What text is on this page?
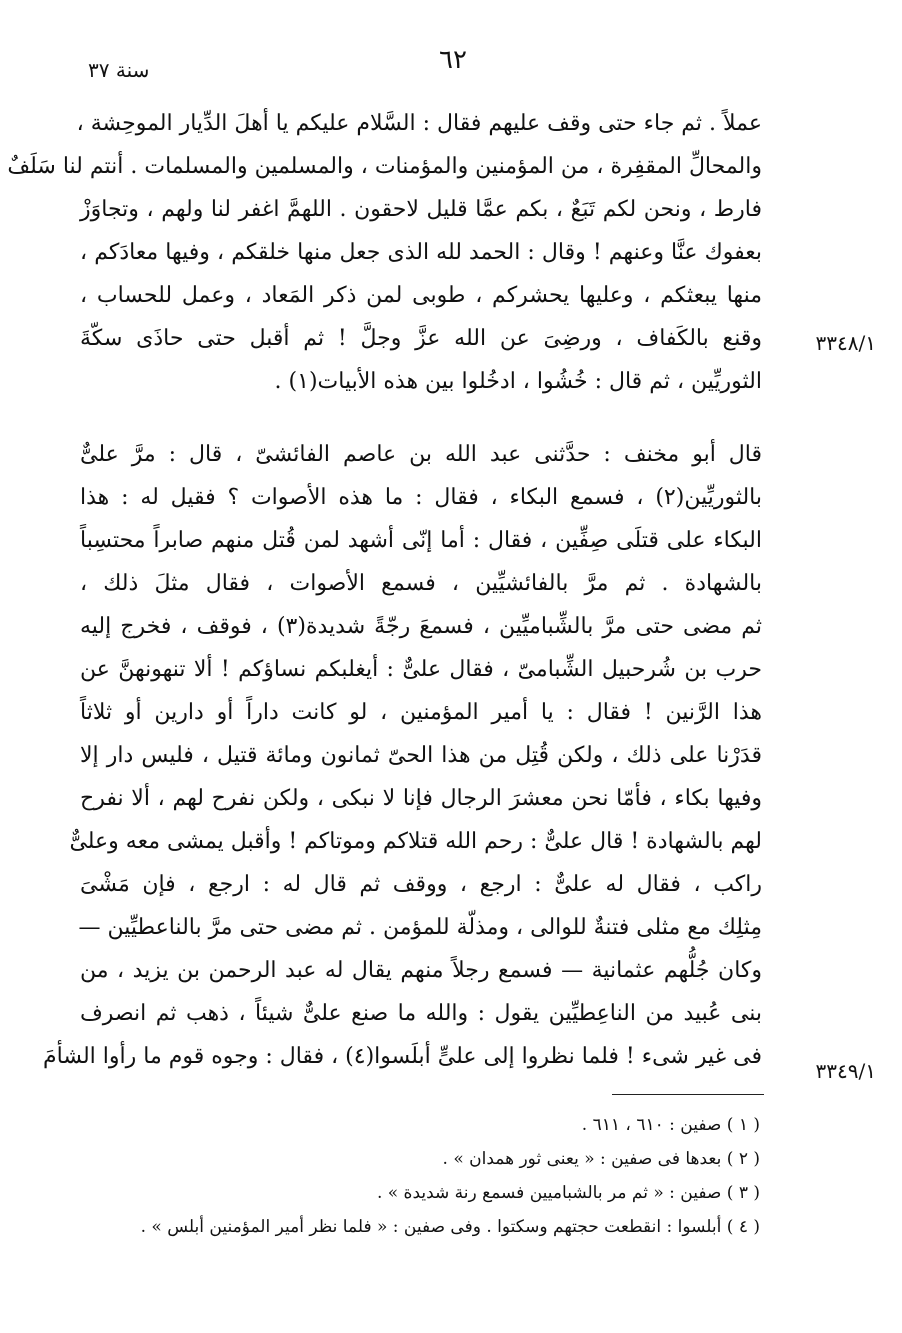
٦٢
سنة ٣٧
عملاً . ثم جاء حتى وقف عليهم فقال : السَّلام عليكم يا أهلَ الدِّيار الموحِشة ،
والمحالِّ المقفِرة ، من المؤمنين والمؤمنات ، والمسلمين والمسلمات . أنتم لنا سَلَفٌ
فارط ، ونحن لكم تَبَعٌ ، بكم عمَّا قليل لاحقون . اللهمَّ اغفر لنا ولهم ، وتجاوَزْ
بعفوك عنَّا وعنهم ! وقال : الحمد لله الذى جعل منها خلقكم ، وفيها معادَكم ،
منها يبعثكم ، وعليها يحشركم ، طوبى لمن ذكر المَعاد ، وعمل للحساب ،
وقنع بالكَفاف ، ورضِىَ عن الله عزَّ وجلَّ ! ثم أقبل حتى حاذَى سكّةَ
الثوريِّين ، ثم قال : خُشُوا ، ادخُلوا بين هذه الأبيات(١) .
٣٣٤٨/١
قال أبو مخنف : حدَّثنى عبد الله بن عاصم الفائشىّ ، قال : مرَّ علىٌّ
بالثوريِّين(٢) ، فسمع البكاء ، فقال : ما هذه الأصوات ؟ فقيل له : هذا
البكاء على قتلَى صِفِّين ، فقال : أما إنّى أشهد لمن قُتل منهم صابراً محتسِباً
بالشهادة . ثم مرَّ بالفائشيِّين ، فسمع الأصوات ، فقال مثلَ ذلك ،
ثم مضى حتى مرَّ بالشِّباميِّين ، فسمعَ رجّةً شديدة(٣) ، فوقف ، فخرج إليه
حرب بن شُرحبيل الشِّبامىّ ، فقال علىٌّ : أيغلبكم نساؤكم ! ألا تنهونهنَّ عن
هذا الرَّنين ! فقال : يا أمير المؤمنين ، لو كانت داراً أو دارين أو ثلاثاً
قدَرْنا على ذلك ، ولكن قُتِل من هذا الحىّ ثمانون ومائة قتيل ، فليس دار إلا
وفيها بكاء ، فأمّا نحن معشرَ الرجال فإنا لا نبكى ، ولكن نفرح لهم ، ألا نفرح
لهم بالشهادة ! قال علىٌّ : رحم الله قتلاكم وموتاكم ! وأقبل يمشى معه وعلىٌّ
راكب ، فقال له علىٌّ : ارجع ، ووقف ثم قال له : ارجع ، فإن مَشْىَ
مِثلِك مع مثلى فتنةٌ للوالى ، ومذلّة للمؤمن . ثم مضى حتى مرَّ بالناعطيِّين —
وكان جُلُّهم عثمانية — فسمع رجلاً منهم يقال له عبد الرحمن بن يزيد ، من
بنى عُبيد من الناعِطيِّين يقول : والله ما صنع علىٌّ شيئاً ، ذهب ثم انصرف
فى غير شىء ! فلما نظروا إلى علىٍّ أبلَسوا(٤) ، فقال : وجوه قوم ما رأوا الشأمَ
٣٣٤٩/١
( ١ ) صفين : ٦١٠ ، ٦١١ .
( ٢ ) بعدها فى صفين : « يعنى ثور همدان » .
( ٣ ) صفين : « ثم مر بالشباميين فسمع رنة شديدة » .
( ٤ ) أبلسوا : انقطعت حجتهم وسكتوا . وفى صفين : « فلما نظر أمير المؤمنين أبلس » .
